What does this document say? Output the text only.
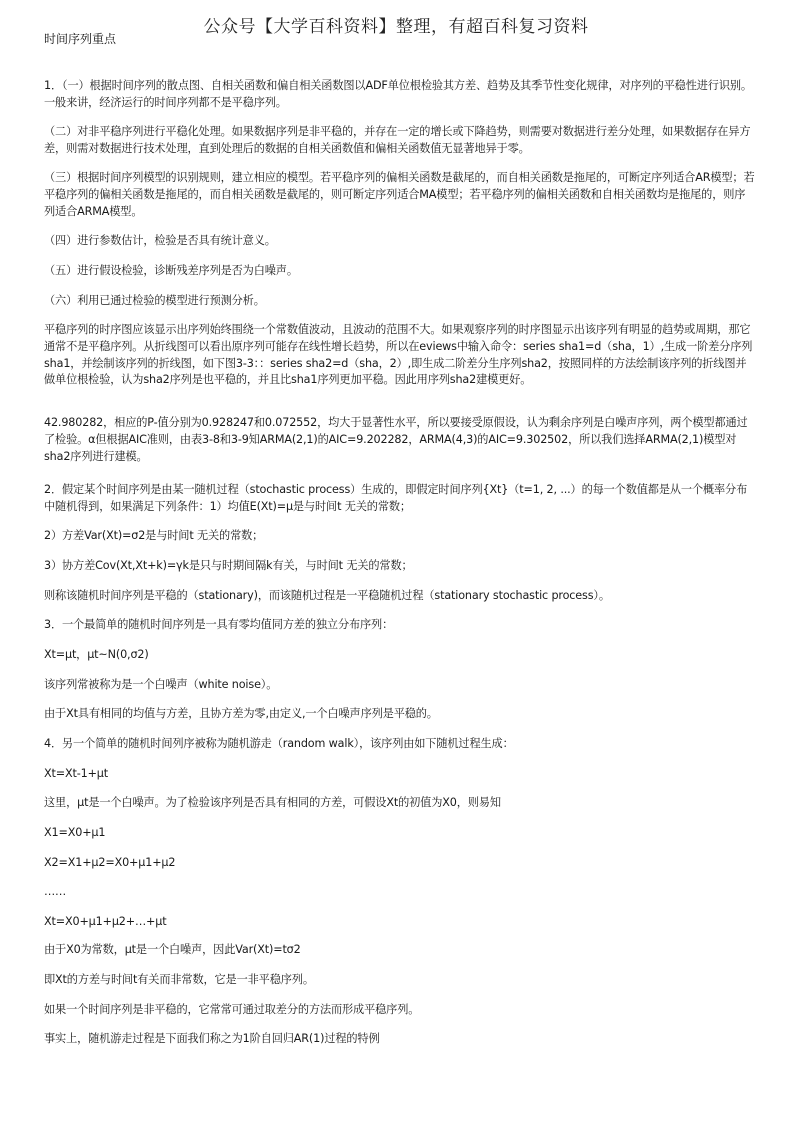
公众号【大学百科资料】整理，有超百科复习资料
时间序列重点
1．（一）根据时间序列的散点图、自相关函数和偏自相关函数图以ADF单位根检验其方差、趋势及其季节性变化规律，对序列的平稳性进行识别。一般来讲，经济运行的时间序列都不是平稳序列。
（二）对非平稳序列进行平稳化处理。如果数据序列是非平稳的，并存在一定的增长或下降趋势，则需要对数据进行差分处理，如果数据存在异方差，则需对数据进行技术处理，直到处理后的数据的自相关函数值和偏相关函数值无显著地异于零。
（三）根据时间序列模型的识别规则，建立相应的模型。若平稳序列的偏相关函数是截尾的，而自相关函数是拖尾的，可断定序列适合AR模型；若平稳序列的偏相关函数是拖尾的，而自相关函数是截尾的，则可断定序列适合MA模型；若平稳序列的偏相关函数和自相关函数均是拖尾的，则序列适合ARMA模型。
（四）进行参数估计，检验是否具有统计意义。
（五）进行假设检验，诊断残差序列是否为白噪声。
（六）利用已通过检验的模型进行预测分析。
平稳序列的时序图应该显示出序列始终围绕一个常数值波动，且波动的范围不大。如果观察序列的时序图显示出该序列有明显的趋势或周期，那它通常不是平稳序列。从折线图可以看出原序列可能存在线性增长趋势，所以在eviews中输入命令：series sha1=d（sha，1）,生成一阶差分序列sha1，并绘制该序列的折线图，如下图3-3：：series sha2=d（sha，2）,即生成二阶差分生序列sha2，按照同样的方法绘制该序列的折线图并做单位根检验，认为sha2序列是也平稳的，并且比sha1序列更加平稳。因此用序列sha2建模更好。
42.980282，相应的P-值分别为0.928247和0.072552，均大于显著性水平，所以要接受原假设，认为剩余序列是白噪声序列，两个模型都通过了检验。α但根据AIC准则，由表3-8和3-9知ARMA(2,1)的AIC=9.202282，ARMA(4,3)的AIC=9.302502，所以我们选择ARMA(2,1)模型对sha2序列进行建模。
2．假定某个时间序列是由某一随机过程（stochastic process）生成的，即假定时间序列{Xt}（t=1, 2, ...）的每一个数值都是从一个概率分布中随机得到，如果满足下列条件：1）均值E(Xt)=μ是与时间t 无关的常数；
2）方差Var(Xt)=σ2是与时间t 无关的常数；
3）协方差Cov(Xt,Xt+k)=γk是只与时期间隔k有关，与时间t 无关的常数；
则称该随机时间序列是平稳的（stationary)，而该随机过程是一平稳随机过程（stationary stochastic process）。
3．一个最简单的随机时间序列是一具有零均值同方差的独立分布序列：
Xt=μt，μt~N(0,σ2)
该序列常被称为是一个白噪声（white noise）。
由于Xt具有相同的均值与方差，且协方差为零,由定义,一个白噪声序列是平稳的。
4．另一个简单的随机时间列序被称为随机游走（random walk），该序列由如下随机过程生成：
Xt=Xt-1+μt
这里，μt是一个白噪声。为了检验该序列是否具有相同的方差，可假设Xt的初值为X0，则易知
X1=X0+μ1
X2=X1+μ2=X0+μ1+μ2
……
Xt=X0+μ1+μ2+…+μt
由于X0为常数，μt是一个白噪声，因此Var(Xt)=tσ2
即Xt的方差与时间t有关而非常数，它是一非平稳序列。
如果一个时间序列是非平稳的，它常常可通过取差分的方法而形成平稳序列。
事实上，随机游走过程是下面我们称之为1阶自回归AR(1)过程的特例
